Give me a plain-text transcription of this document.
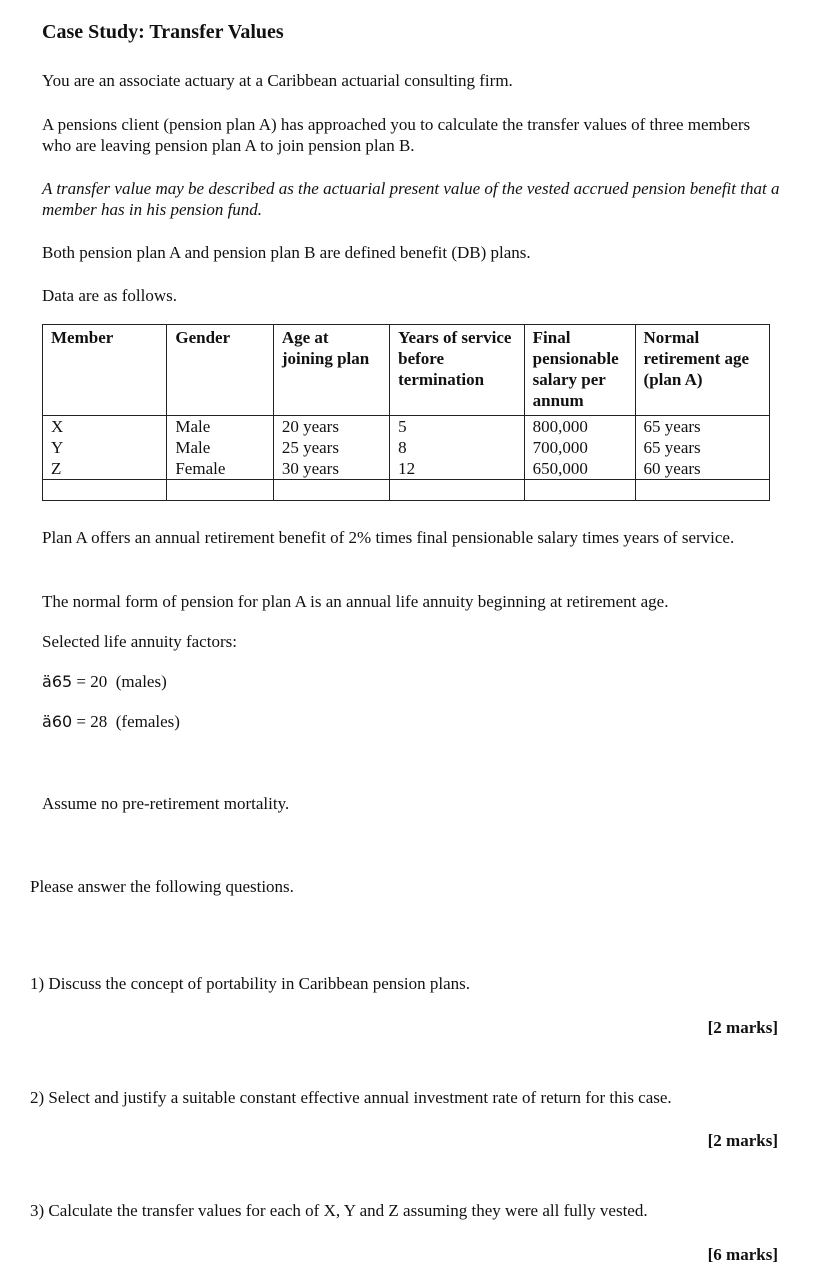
Case Study: Transfer Values
You are an associate actuary at a Caribbean actuarial consulting firm.
A pensions client (pension plan A) has approached you to calculate the transfer values of three members who are leaving pension plan A to join pension plan B.
A transfer value may be described as the actuarial present value of the vested accrued pension benefit that a member has in his pension fund.
Both pension plan A and pension plan B are defined benefit (DB) plans.
Data are as follows.
Member	Gender	Age at joining plan	Years of service before termination	Final pensionable salary per annum	Normal retirement age (plan A)
X	Male	20 years	5	800,000	65 years
Y	Male	25 years	8	700,000	65 years
Z	Female	30 years	12	650,000	60 years

Plan A offers an annual retirement benefit of 2% times final pensionable salary times years of service.
The normal form of pension for plan A is an annual life annuity beginning at retirement age.
Selected life annuity factors:
ä65 = 20  (males)
ä60 = 28  (females)
Assume no pre-retirement mortality.
Please answer the following questions.
1) Discuss the concept of portability in Caribbean pension plans.
[2 marks]
2) Select and justify a suitable constant effective annual investment rate of return for this case.
[2 marks]
3) Calculate the transfer values for each of X, Y and Z assuming they were all fully vested.
[6 marks]
